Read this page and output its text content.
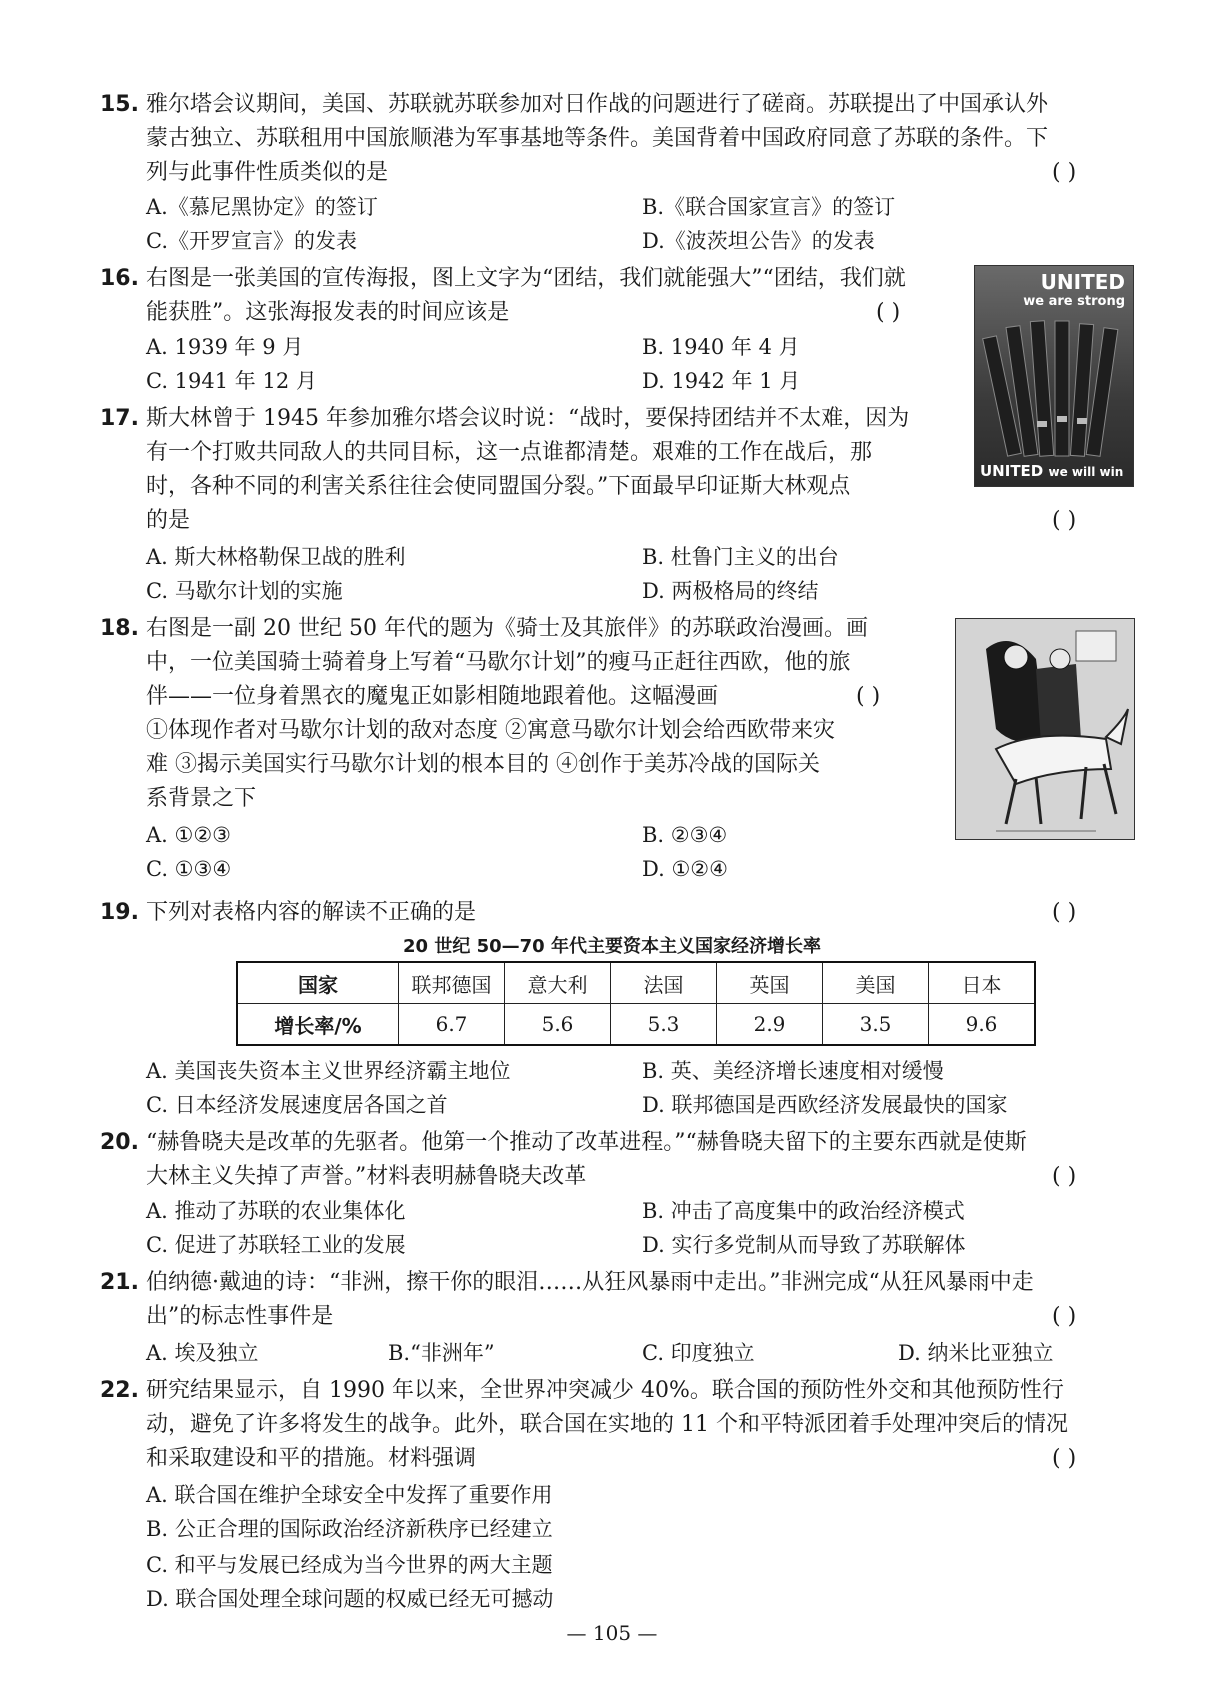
15. 雅尔塔会议期间，美国、苏联就苏联参加对日作战的问题进行了磋商。苏联提出了中国承认外
蒙古独立、苏联租用中国旅顺港为军事基地等条件。美国背着中国政府同意了苏联的条件。下
列与此事件性质类似的是	( )
A.《慕尼黑协定》的签订	B.《联合国家宣言》的签订
C.《开罗宣言》的发表	D.《波茨坦公告》的发表
16. 右图是一张美国的宣传海报，图上文字为“团结，我们就能强大”“团结，我们就
能获胜”。这张海报发表的时间应该是	( )
A. 1939 年 9 月	B. 1940 年 4 月
C. 1941 年 12 月	D. 1942 年 1 月
UNITED
we are strong
UNITED we will win
17. 斯大林曾于 1945 年参加雅尔塔会议时说：“战时，要保持团结并不太难，因为
有一个打败共同敌人的共同目标，这一点谁都清楚。艰难的工作在战后，那
时，各种不同的利害关系往往会使同盟国分裂。”下面最早印证斯大林观点
的是	( )
A. 斯大林格勒保卫战的胜利	B. 杜鲁门主义的出台
C. 马歇尔计划的实施	D. 两极格局的终结
18. 右图是一副 20 世纪 50 年代的题为《骑士及其旅伴》的苏联政治漫画。画
中，一位美国骑士骑着身上写着“马歇尔计划”的瘦马正赶往西欧，他的旅
伴——一位身着黑衣的魔鬼正如影相随地跟着他。这幅漫画	( )
①体现作者对马歇尔计划的敌对态度 ②寓意马歇尔计划会给西欧带来灾
难 ③揭示美国实行马歇尔计划的根本目的 ④创作于美苏冷战的国际关
系背景之下
A. ①②③	B. ②③④
C. ①③④	D. ①②④
19. 下列对表格内容的解读不正确的是	( )
20 世纪 50—70 年代主要资本主义国家经济增长率
国家	联邦德国	意大利	法国	英国	美国	日本
增长率/%	6.7	5.6	5.3	2.9	3.5	9.6
A. 美国丧失资本主义世界经济霸主地位	B. 英、美经济增长速度相对缓慢
C. 日本经济发展速度居各国之首	D. 联邦德国是西欧经济发展最快的国家
20. “赫鲁晓夫是改革的先驱者。他第一个推动了改革进程。”“赫鲁晓夫留下的主要东西就是使斯
大林主义失掉了声誉。”材料表明赫鲁晓夫改革	( )
A. 推动了苏联的农业集体化	B. 冲击了高度集中的政治经济模式
C. 促进了苏联轻工业的发展	D. 实行多党制从而导致了苏联解体
21. 伯纳德·戴迪的诗：“非洲，擦干你的眼泪……从狂风暴雨中走出。”非洲完成“从狂风暴雨中走
出”的标志性事件是	( )
A. 埃及独立	B.“非洲年”	C. 印度独立	D. 纳米比亚独立
22. 研究结果显示，自 1990 年以来，全世界冲突减少 40%。联合国的预防性外交和其他预防性行
动，避免了许多将发生的战争。此外，联合国在实地的 11 个和平特派团着手处理冲突后的情况
和采取建设和平的措施。材料强调	( )
A. 联合国在维护全球安全中发挥了重要作用
B. 公正合理的国际政治经济新秩序已经建立
C. 和平与发展已经成为当今世界的两大主题
D. 联合国处理全球问题的权威已经无可撼动
— 105 —
